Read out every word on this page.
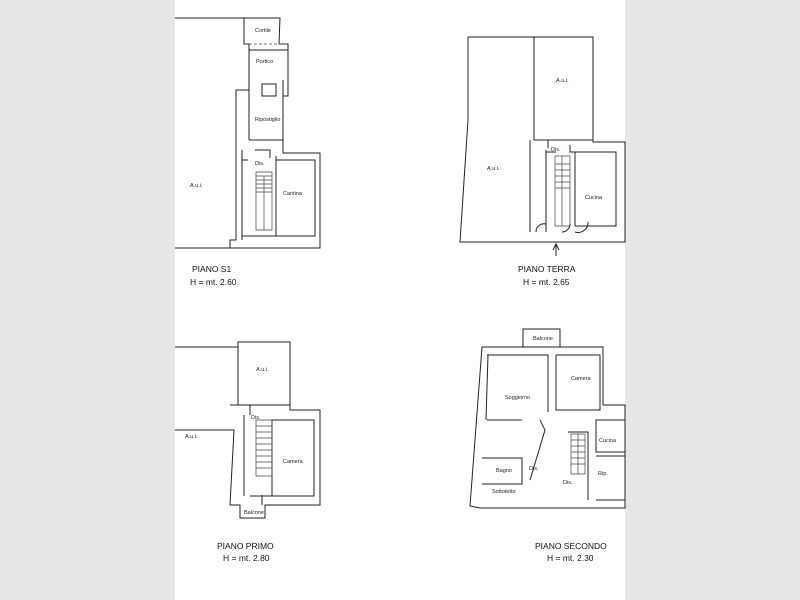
Cortile
Portico
Ripostiglio
Dis.
Cantina
A.u.i.
PIANO S1
H = mt. 2.60
A.u.i.
A.u.i.
Dis.
Cucina
PIANO TERRA
H = mt. 2.65
A.u.i.
A.u.i.
Dis.
Camera
Balcone
PIANO PRIMO
H = mt. 2.80
Balcone
Camera
Soggiorno
Cucina
Rip.
Bagno	Dis.
Dis.
Sottotetto
PIANO SECONDO
H = mt. 2.30
